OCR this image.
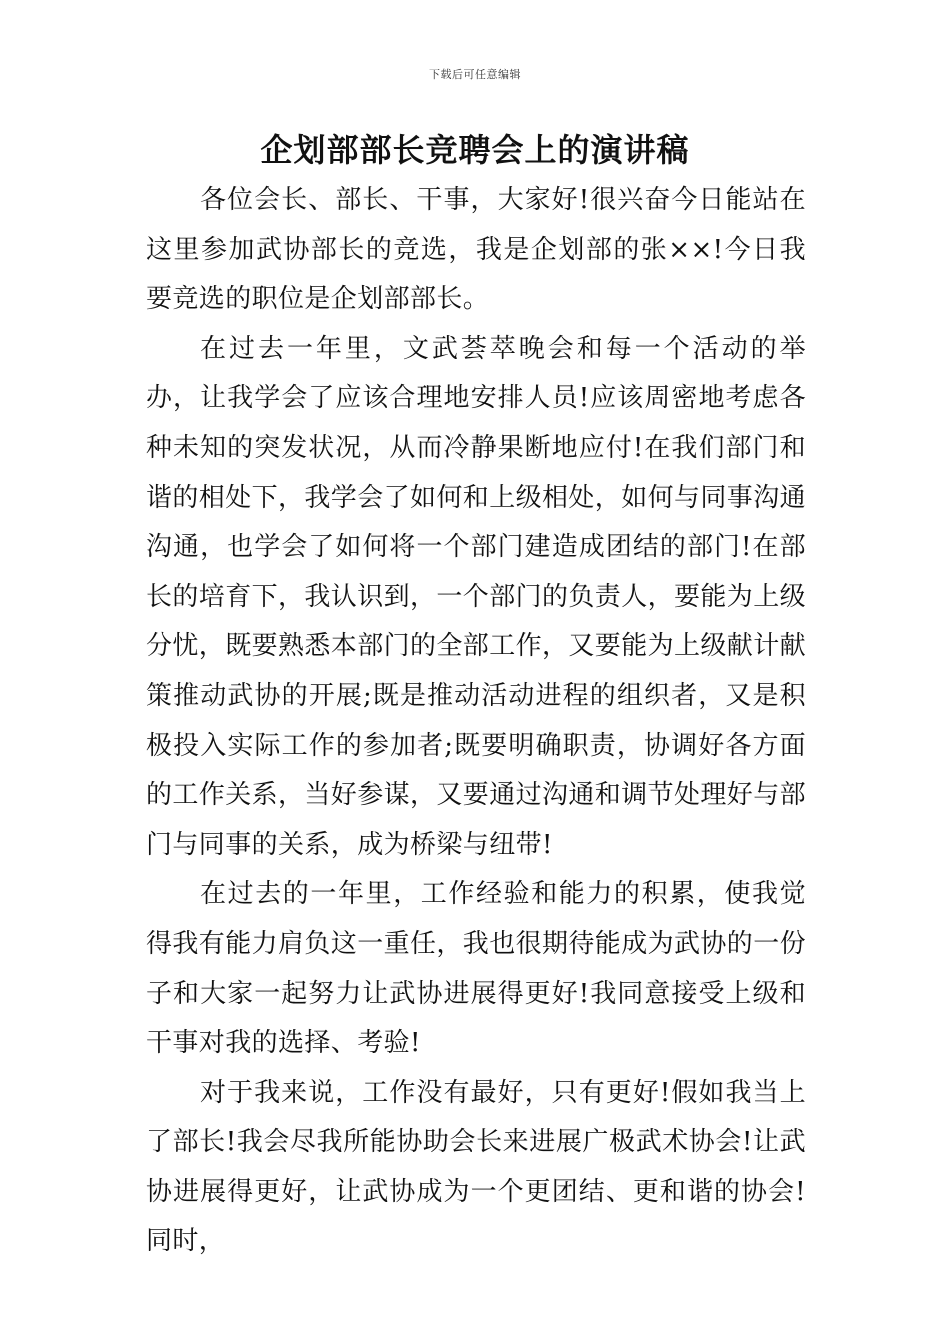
下载后可任意编辑
企划部部长竞聘会上的演讲稿

各位会长、部长、干事，大家好!很兴奋今日能站在这里参加武协部长的竞选，我是企划部的张××!今日我要竞选的职位是企划部部长。

在过去一年里，文武荟萃晚会和每一个活动的举办，让我学会了应该合理地安排人员!应该周密地考虑各种未知的突发状况，从而冷静果断地应付!在我们部门和谐的相处下，我学会了如何和上级相处，如何与同事沟通沟通，也学会了如何将一个部门建造成团结的部门!在部长的培育下，我认识到，一个部门的负责人，要能为上级分忧，既要熟悉本部门的全部工作，又要能为上级献计献策推动武协的开展;既是推动活动进程的组织者，又是积极投入实际工作的参加者;既要明确职责，协调好各方面的工作关系，当好参谋，又要通过沟通和调节处理好与部门与同事的关系，成为桥梁与纽带!

在过去的一年里，工作经验和能力的积累，使我觉得我有能力肩负这一重任，我也很期待能成为武协的一份子和大家一起努力让武协进展得更好!我同意接受上级和干事对我的选择、考验!

对于我来说，工作没有最好，只有更好!假如我当上了部长!我会尽我所能协助会长来进展广极武术协会!让武协进展得更好，让武协成为一个更团结、更和谐的协会!同时，
